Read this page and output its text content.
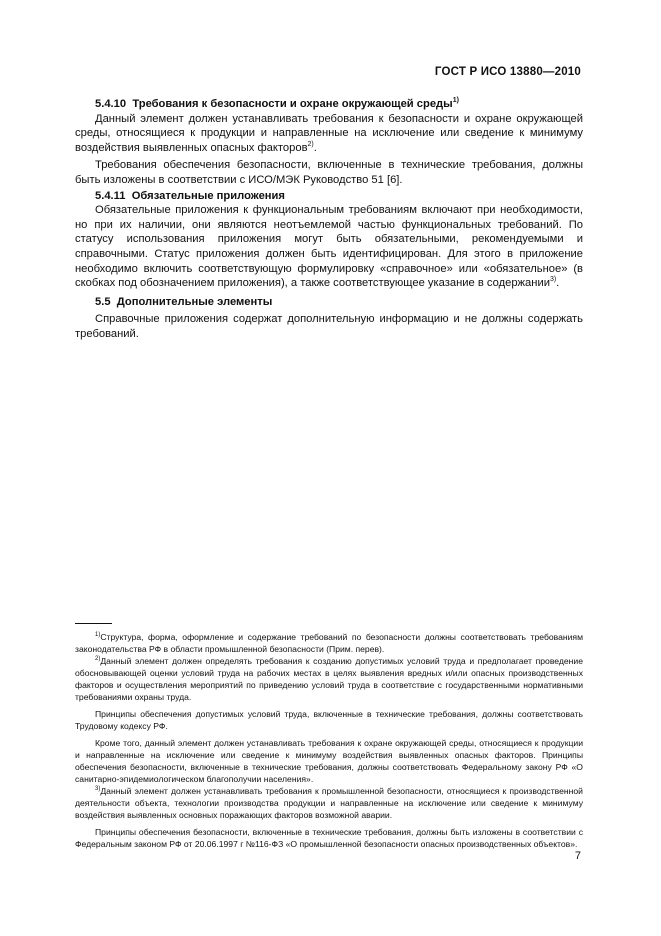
ГОСТ Р ИСО 13880—2010

5.4.10 Требования к безопасности и охране окружающей среды$^{1)}$

Данный элемент должен устанавливать требования к безопасности и охране окружающей среды, относящиеся к продукции и направленные на исключение или сведение к минимуму воздействия выявленных опасных факторов$^{2)}$.

Требования обеспечения безопасности, включенные в технические требования, должны быть изложены в соответствии с ИСО/МЭК Руководство 51 [6].

5.4.11 Обязательные приложения

Обязательные приложения к функциональным требованиям включают при необходимости, но при их наличии, они являются неотъемлемой частью функциональных требований. По статусу использования приложения могут быть обязательными, рекомендуемыми и справочными. Статус приложения должен быть идентифицирован. Для этого в приложение необходимо включить соответствующую формулировку «справочное» или «обязательное» (в скобках под обозначением приложения), а также соответствующее указание в содержании$^{3)}$.

5.5 Дополнительные элементы

Справочные приложения содержат дополнительную информацию и не должны содержать требований.

$^{1)}$Структура, форма, оформление и содержание требований по безопасности должны соответствовать требованиям законодательства РФ в области промышленной безопасности (Прим. перев).

$^{2)}$Данный элемент должен определять требования к созданию допустимых условий труда и предполагает проведение обосновывающей оценки условий труда на рабочих местах в целях выявления вредных и/или опасных производственных факторов и осуществления мероприятий по приведению условий труда в соответствие с государственными нормативными требованиями охраны труда.

Принципы обеспечения допустимых условий труда, включенные в технические требования, должны соответствовать Трудовому кодексу РФ.

Кроме того, данный элемент должен устанавливать требования к охране окружающей среды, относящиеся к продукции и направленные на исключение или сведение к минимуму воздействия выявленных опасных факторов. Принципы обеспечения безопасности, включенные в технические требования, должны соответствовать Федеральному закону РФ «О санитарно-эпидемиологическом благополучии населения».

$^{3)}$Данный элемент должен устанавливать требования к промышленной безопасности, относящиеся к производственной деятельности объекта, технологии производства продукции и направленные на исключение или сведение к минимуму воздействия выявленных основных поражающих факторов возможной аварии.

Принципы обеспечения безопасности, включенные в технические требования, должны быть изложены в соответствии с Федеральным законом РФ от 20.06.1997 г №116-ФЗ «О промышленной безопасности опасных производственных объектов».

7
